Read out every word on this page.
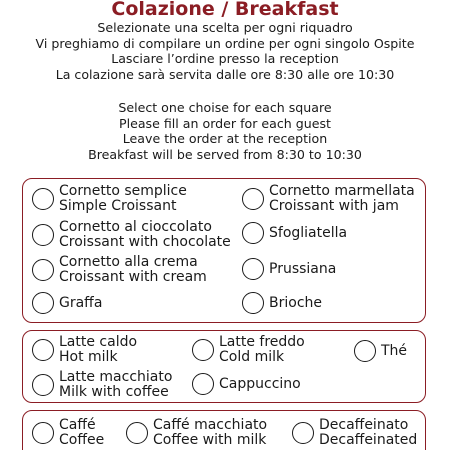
Colazione / Breakfast
Selezionate una scelta per ogni riquadro
Vi preghiamo di compilare un ordine per ogni singolo Ospite
Lasciare l’ordine presso la reception
La colazione sarà servita dalle ore 8:30 alle ore 10:30
Select one choise for each square
Please fill an order for each guest
Leave the order at the reception
Breakfast will be served from 8:30 to 10:30
Cornetto semplice
Simple Croissant
Cornetto marmellata
Croissant with jam
Cornetto al cioccolato
Croissant with chocolate
Sfogliatella
Cornetto alla crema
Croissant with cream
Prussiana
Graffa	Brioche
Latte caldo
Hot milk
Latte freddo
Cold milk	Thé
Latte macchiato
Milk with coffee
Cappuccino
Caffé
Coffee
Caffé macchiato
Coffee with milk
Decaffeinato
Decaffeinated
